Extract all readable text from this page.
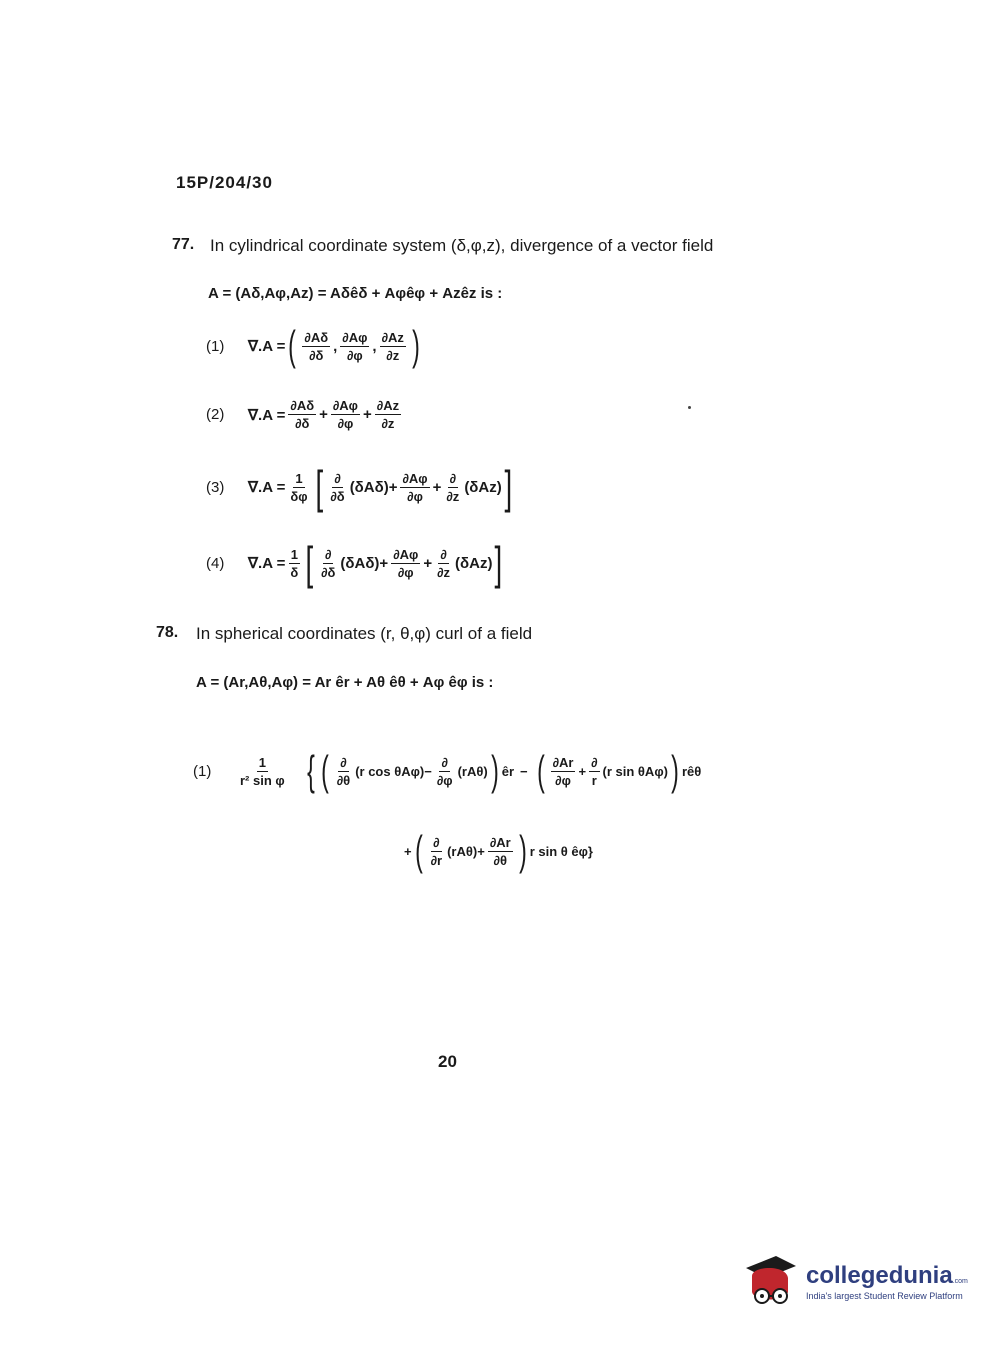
15P/204/30
77. In cylindrical coordinate system (δ,φ,z), divergence of a vector field
A = (Aδ,Aφ,Az) = Aδêδ + Aφêφ + Azêz is :
(1)	∇.A = ( $\frac{\partial A\delta}{\partial\delta}$ , $\frac{\partial A\varphi}{\partial\varphi}$ , $\frac{\partial Az}{\partial z}$ )
(2)	$\nabla.A = \frac{\partial A\delta}{\partial\delta} + \frac{\partial A\varphi}{\partial\varphi} + \frac{\partial Az}{\partial z}$
(3)	$\nabla.A = \frac{1}{\delta\varphi}$ [ $\frac{\partial}{\partial\delta} (\delta A\delta) + \frac{\partial A\varphi}{\partial\varphi} + \frac{\partial}{\partial z} (\delta Az)$ ]
(4)	$\nabla.A = \frac{1}{\delta}$ [ $\frac{\partial}{\partial\delta} (\delta A\delta) + \frac{\partial A\varphi}{\partial\varphi} + \frac{\partial}{\partial z} (\delta Az)$ ]
78. In spherical coordinates (r, θ,φ) curl of a field
A = (Ar,Aθ,Aφ) = Ar êr + Aθ êθ + Aφ êφ is :
(1)	$\frac{1}{\text{r² sin φ}}$ { ( $\frac{\partial}{\partial\theta} (r$ $\cos \theta A\varphi) - \frac{\partial}{\partial\varphi} (rA\theta)$ ) êr − ( $\frac{\partial Ar}{\partial\varphi} + \frac{\partial}{r} (r$ sin θAφ) ) rêθ
+ ( $\frac{\partial}{\partial r} (rA\theta) + \frac{\partial Ar}{\partial\theta}$ ) r sin θ êφ}
20
collegedunia.com
India's largest Student Review Platform
